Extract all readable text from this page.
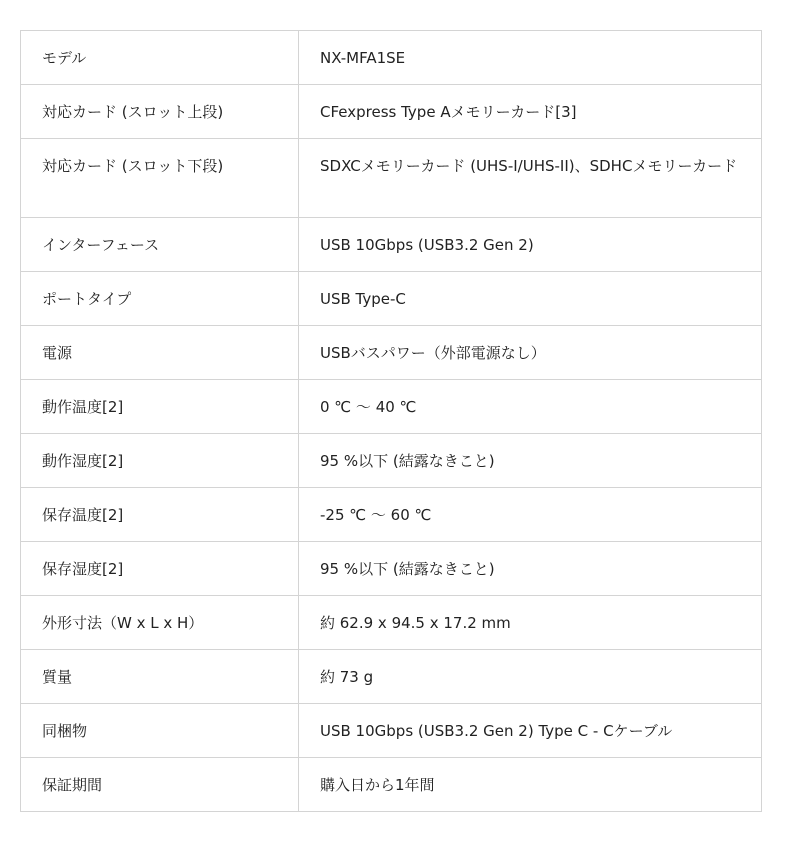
モデル	NX-MFA1SE
対応カード (スロット上段)	CFexpress Type Aメモリーカード[3]
対応カード (スロット下段)	SDXCメモリーカード (UHS-I/UHS-II)、SDHCメモリーカード
インターフェース	USB 10Gbps (USB3.2 Gen 2)
ポートタイプ	USB Type-C
電源	USBバスパワー（外部電源なし）
動作温度[2]	0 ℃ ～ 40 ℃
動作湿度[2]	95 %以下 (結露なきこと)
保存温度[2]	-25 ℃ ～ 60 ℃
保存湿度[2]	95 %以下 (結露なきこと)
外形寸法（W x L x H）	約 62.9 x 94.5 x 17.2 mm
質量	約 73 g
同梱物	USB 10Gbps (USB3.2 Gen 2) Type C - Cケーブル
保証期間	購入日から1年間
